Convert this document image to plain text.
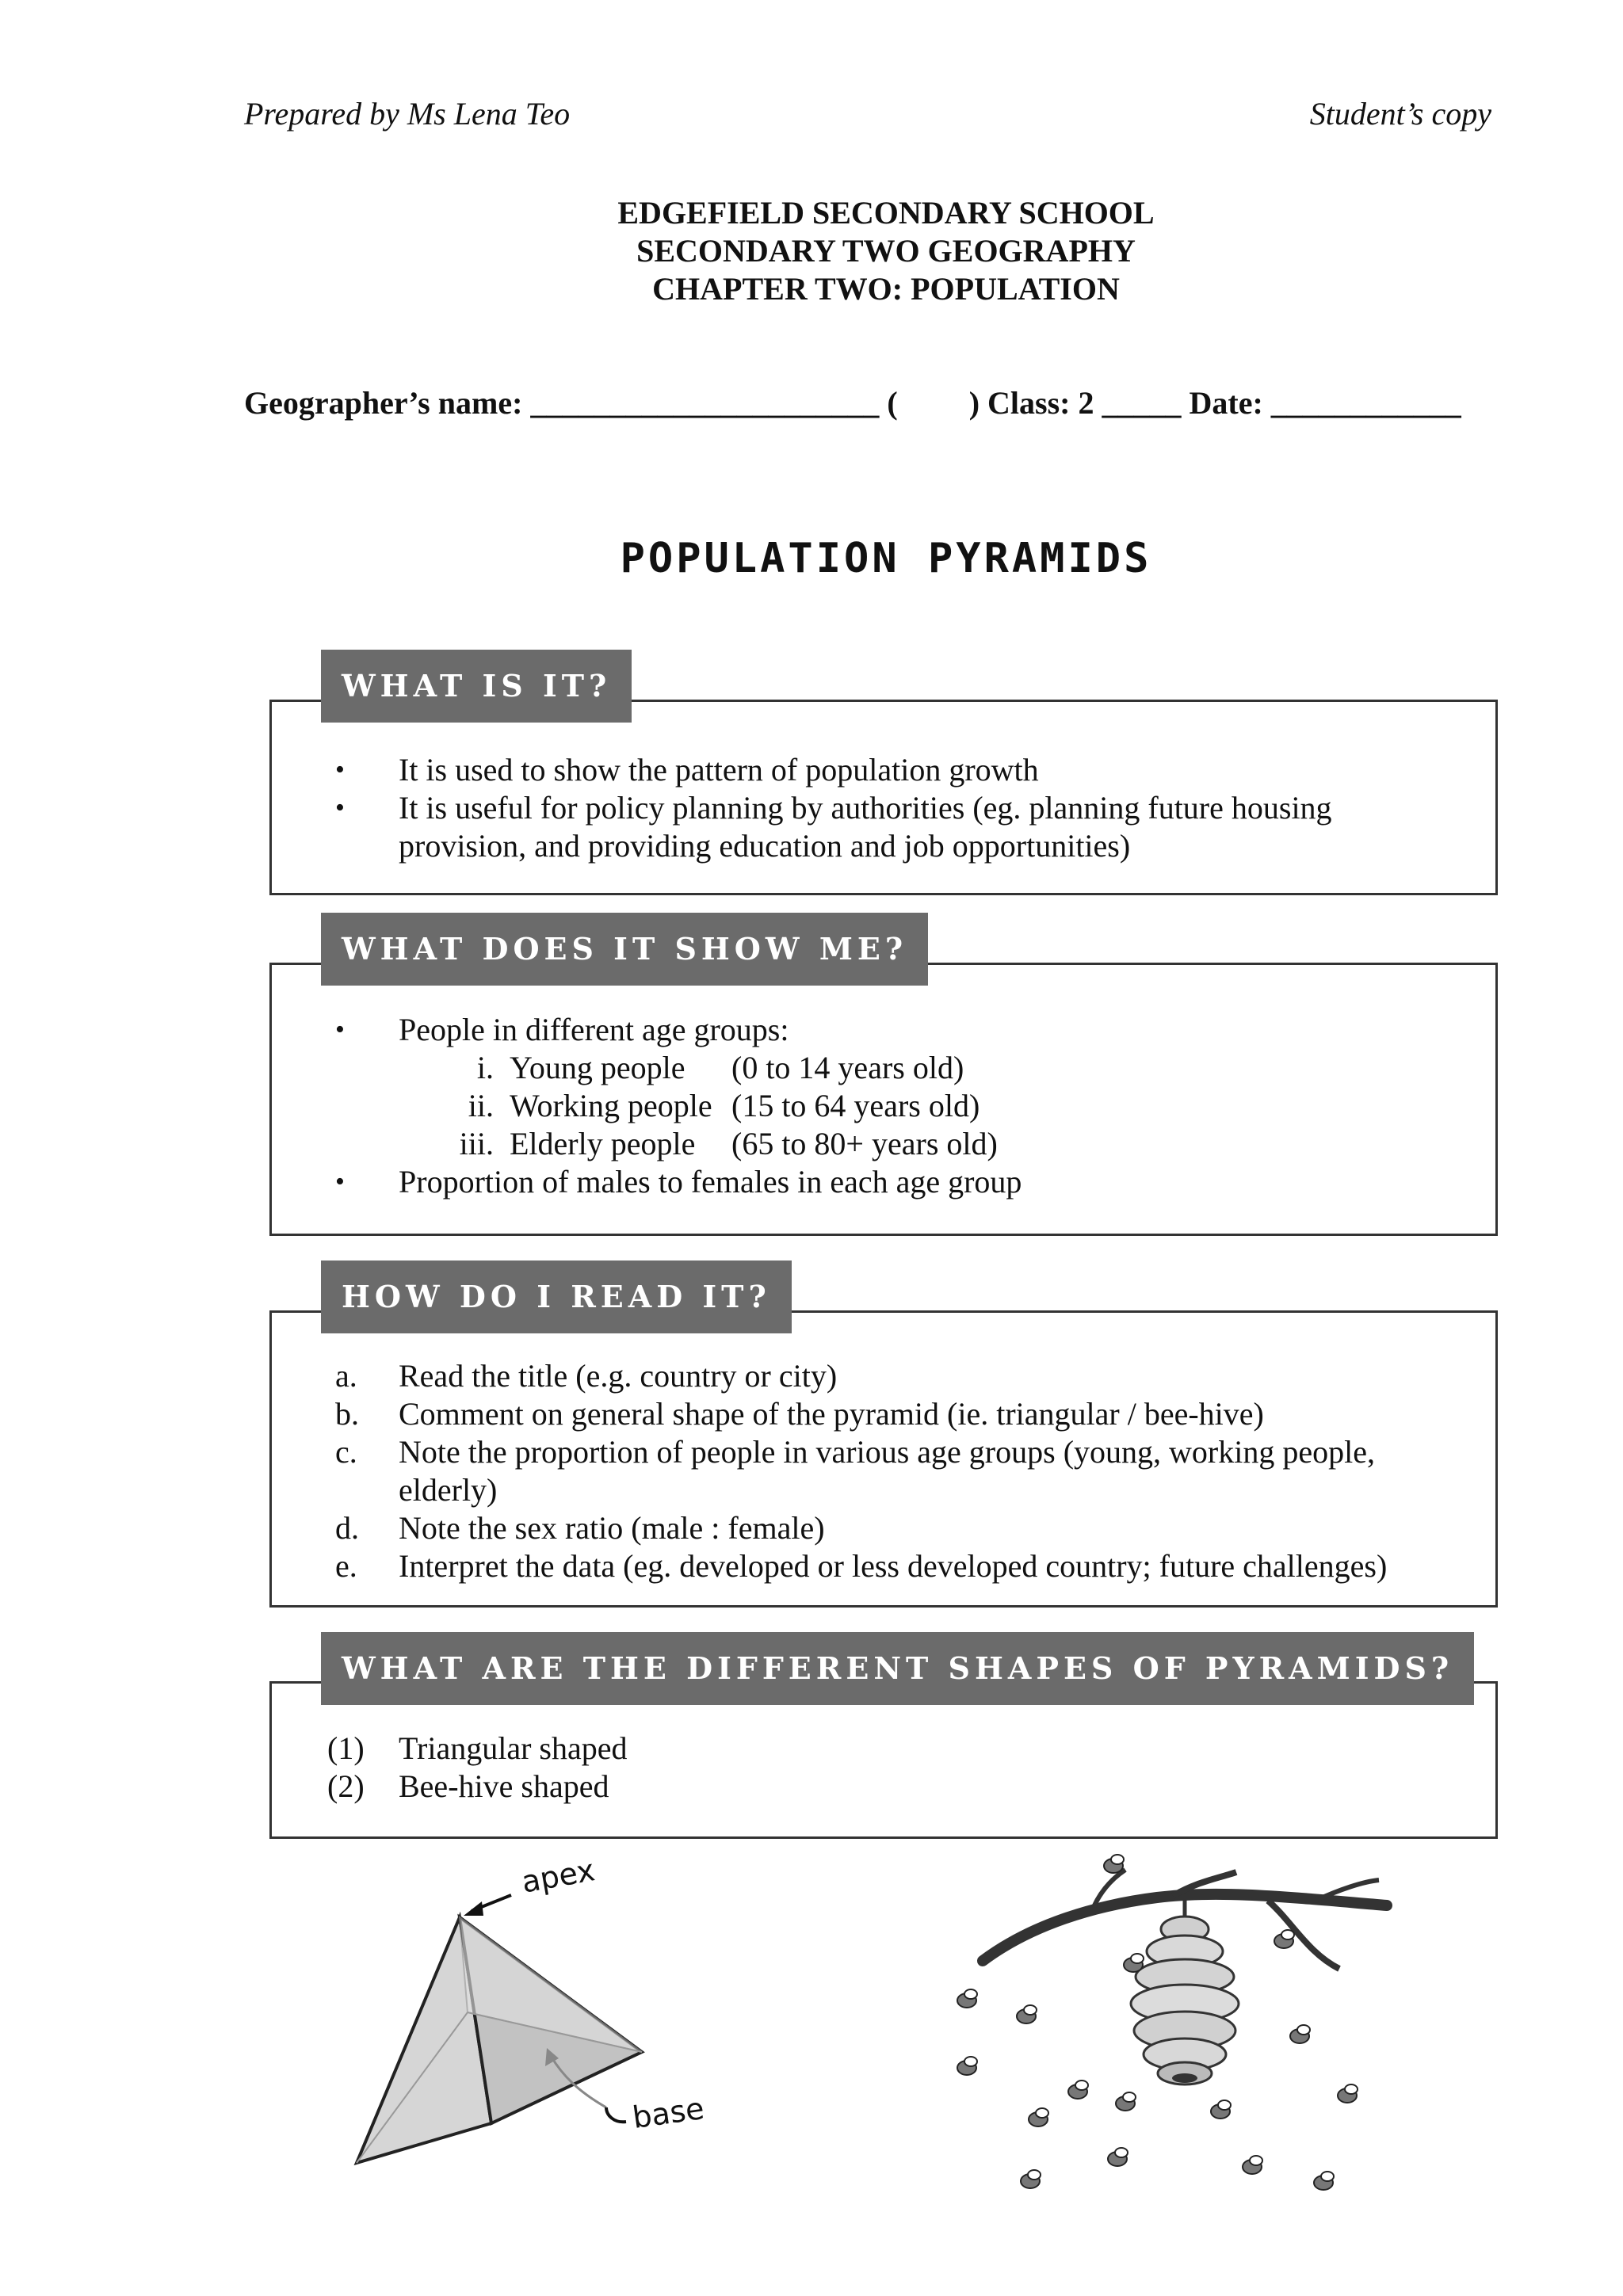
Prepared by Ms Lena Teo	Student’s copy
EDGEFIELD SECONDARY SCHOOL
SECONDARY TWO GEOGRAPHY
CHAPTER TWO: POPULATION
Geographer’s name: ______________________ (         ) Class: 2 _____ Date: ____________
POPULATION PYRAMIDS
•	It is used to show the pattern of population growth
•	It is useful for policy planning by authorities (eg. planning future housing
provision, and providing education and job opportunities)
WHAT IS IT?
•	People in different age groups:
i. Young people	(0 to 14 years old)
ii. Working people (15 to 64 years old)
iii. Elderly people	(65 to 80+ years old)
•	Proportion of males to females in each age group
WHAT DOES IT SHOW ME?
a.	Read the title (e.g. country or city)
b.	Comment on general shape of the pyramid (ie. triangular / bee-hive)
c.	Note the proportion of people in various age groups (young, working people,
elderly)
d.	Note the sex ratio (male : female)
e.	Interpret the data (eg. developed or less developed country; future challenges)
HOW DO I READ IT?
(1)	Triangular shaped
(2)	Bee-hive shaped
WHAT ARE THE DIFFERENT SHAPES OF PYRAMIDS?
apex
base
